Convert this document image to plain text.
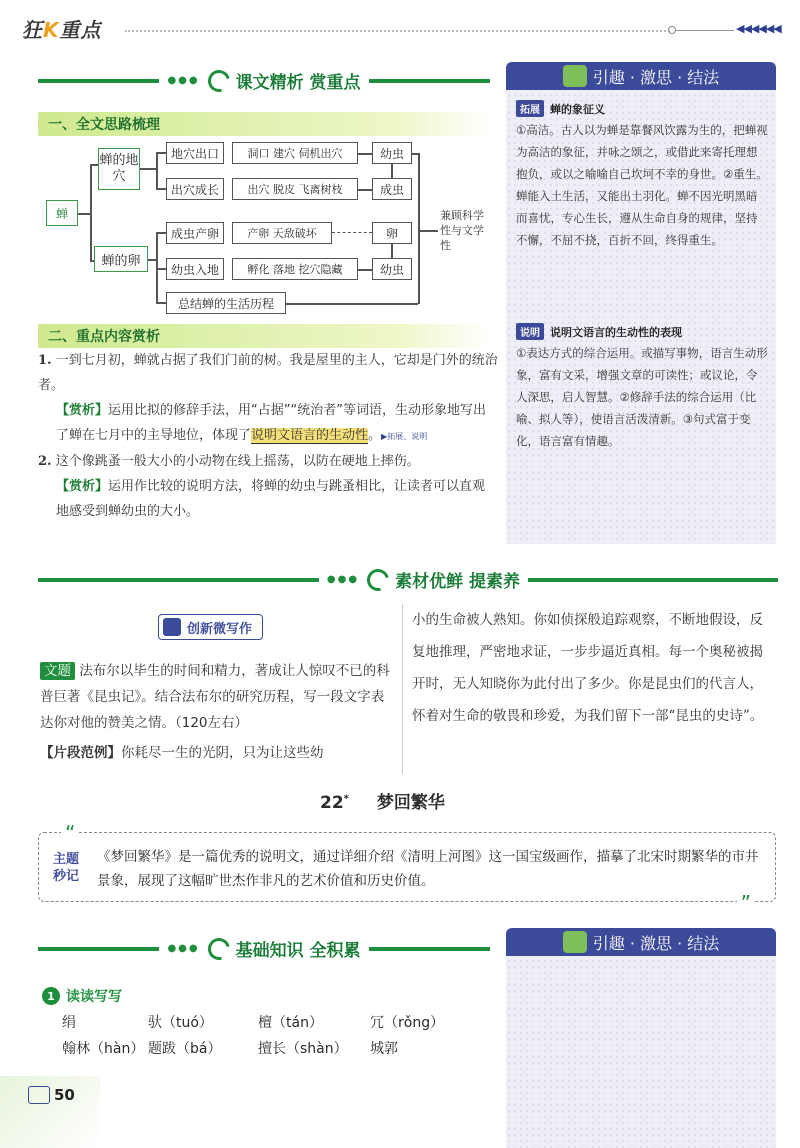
狂K重点	◀◀◀◀◀◀
●●● 课文精析 赏重点	引趣 · 激思 · 结法
拓展 蝉的象征义
①高洁。古人以为蝉是靠餐风饮露为生的，把蝉视为高洁的象征，并咏之颂之，或借此来寄托理想抱负，或以之喻喻自己坎坷不幸的身世。②重生。蝉能入土生活，又能出土羽化。蝉不因光明黑暗而喜忧，专心生长，遵从生命自身的规律，坚持不懈，不屈不挠，百折不回，终得重生。
说明 说明文语言的生动性的表现
①表达方式的综合运用。或描写事物，语言生动形象，富有文采，增强文章的可读性；或议论，令人深思，启人智慧。②修辞手法的综合运用（比喻、拟人等），使语言活泼清新。③句式富于变化，语言富有情趣。
一、全文思路梳理
蝉
蝉的地穴
蝉的卵
地穴出口	洞口 建穴 伺机出穴	幼虫
出穴成长	出穴 脱皮 飞离树枝	成虫
成虫产卵	产卵 天敌破坏	卵
幼虫入地	孵化 落地 挖穴隐藏	幼虫
总结蝉的生活历程
兼顾科学性与文学性
二、重点内容赏析
1. 一到七月初，蝉就占据了我们门前的树。我是屋里的主人，它却是门外的统治者。
【赏析】运用比拟的修辞手法，用“占据”“统治者”等词语，生动形象地写出了蝉在七月中的主导地位，体现了说明文语言的生动性。▶拓展、说明
2. 这个像跳蚤一般大小的小动物在线上摇荡，以防在硬地上摔伤。
【赏析】运用作比较的说明方法，将蝉的幼虫与跳蚤相比，让读者可以直观地感受到蝉幼虫的大小。
●●● 素材优鲜 提素养
创新微写作
文题 法布尔以毕生的时间和精力，著成让人惊叹不已的科普巨著《昆虫记》。结合法布尔的研究历程，写一段文字表达你对他的赞美之情。（120左右）
【片段范例】你耗尽一生的光阴，只为让这些幼
小的生命被人熟知。你如侦探般追踪观察，不断地假设，反复地推理，严密地求证，一步步逼近真相。每一个奥秘被揭开时，无人知晓你为此付出了多少。你是昆虫们的代言人，怀着对生命的敬畏和珍爱，为我们留下一部“昆虫的史诗”。
22* 梦回繁华
“
主题
秒记
《梦回繁华》是一篇优秀的说明文，通过详细介绍《清明上河图》这一国宝级画作，描摹了北宋时期繁华的市井景象，展现了这幅旷世杰作非凡的艺术价值和历史价值。
”
●●● 基础知识 全积累	引趣 · 激思 · 结法
1 读读写写
绢	驮（tuó）	檀（tán）	冗（rǒng）
翰林（hàn） 题跋（bá）	擅长（shàn）	城郭
50
